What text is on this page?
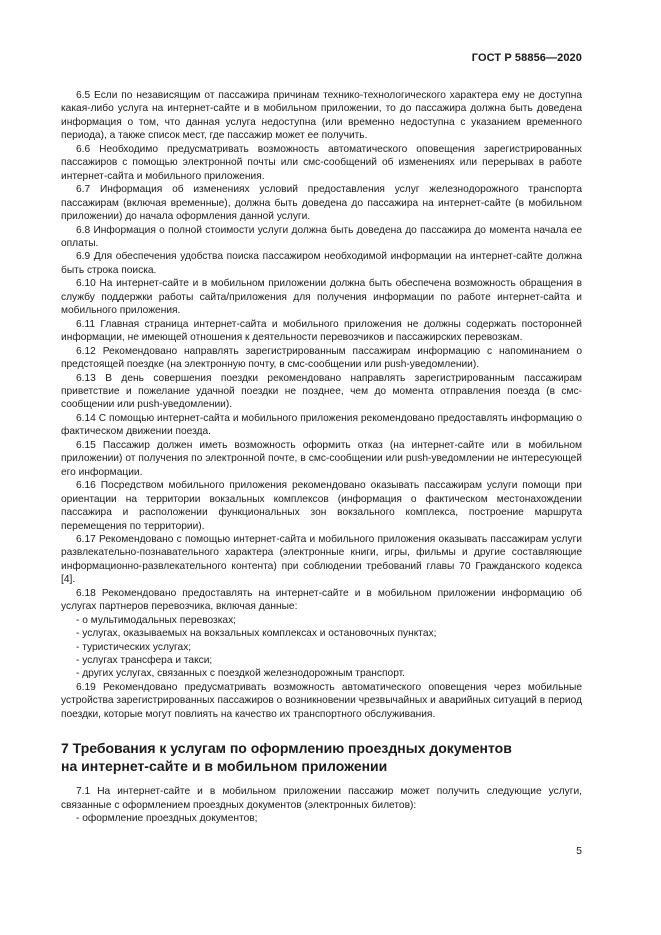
ГОСТ Р 58856—2020

6.5 Если по независящим от пассажира причинам технико-технологического характера ему не доступна какая-либо услуга на интернет-сайте и в мобильном приложении, то до пассажира должна быть доведена информация о том, что данная услуга недоступна (или временно недоступна с указанием временного периода), а также список мест, где пассажир может ее получить.

6.6 Необходимо предусматривать возможность автоматического оповещения зарегистрированных пассажиров с помощью электронной почты или смс-сообщений об изменениях или перерывах в работе интернет-сайта и мобильного приложения.

6.7 Информация об изменениях условий предоставления услуг железнодорожного транспорта пассажирам (включая временные), должна быть доведена до пассажира на интернет-сайте (в мобильном приложении) до начала оформления данной услуги.

6.8 Информация о полной стоимости услуги должна быть доведена до пассажира до момента начала ее оплаты.

6.9 Для обеспечения удобства поиска пассажиром необходимой информации на интернет-сайте должна быть строка поиска.

6.10 На интернет-сайте и в мобильном приложении должна быть обеспечена возможность обращения в службу поддержки работы сайта/приложения для получения информации по работе интернет-сайта и мобильного приложения.

6.11 Главная страница интернет-сайта и мобильного приложения не должны содержать посторонней информации, не имеющей отношения к деятельности перевозчиков и пассажирских перевозкам.

6.12 Рекомендовано направлять зарегистрированным пассажирам информацию с напоминанием о предстоящей поездке (на электронную почту, в смс-сообщении или push-уведомлении).

6.13 В день совершения поездки рекомендовано направлять зарегистрированным пассажирам приветствие и пожелание удачной поездки не позднее, чем до момента отправления поезда (в смс-сообщении или push-уведомлении).

6.14 С помощью интернет-сайта и мобильного приложения рекомендовано предоставлять информацию о фактическом движении поезда.

6.15 Пассажир должен иметь возможность оформить отказ (на интернет-сайте или в мобильном приложении) от получения по электронной почте, в смс-сообщении или push-уведомлении не интересующей его информации.

6.16 Посредством мобильного приложения рекомендовано оказывать пассажирам услуги помощи при ориентации на территории вокзальных комплексов (информация о фактическом местонахождении пассажира и расположении функциональных зон вокзального комплекса, построение маршрута перемещения по территории).

6.17 Рекомендовано с помощью интернет-сайта и мобильного приложения оказывать пассажирам услуги развлекательно-познавательного характера (электронные книги, игры, фильмы и другие составляющие информационно-развлекательного контента) при соблюдении требований главы 70 Гражданского кодекса [4].

6.18 Рекомендовано предоставлять на интернет-сайте и в мобильном приложении информацию об услугах партнеров перевозчика, включая данные:

- о мультимодальных перевозках;

- услугах, оказываемых на вокзальных комплексах и остановочных пунктах;

- туристических услугах;

- услугах трансфера и такси;

- других услугах, связанных с поездкой железнодорожным транспорт.

6.19 Рекомендовано предусматривать возможность автоматического оповещения через мобильные устройства зарегистрированных пассажиров о возникновении чрезвычайных и аварийных ситуаций в период поездки, которые могут повлиять на качество их транспортного обслуживания.

7 Требования к услугам по оформлению проездных документов
на интернет-сайте и в мобильном приложении

7.1 На интернет-сайте и в мобильном приложении пассажир может получить следующие услуги, связанные с оформлением проездных документов (электронных билетов):

- оформление проездных документов;

5
